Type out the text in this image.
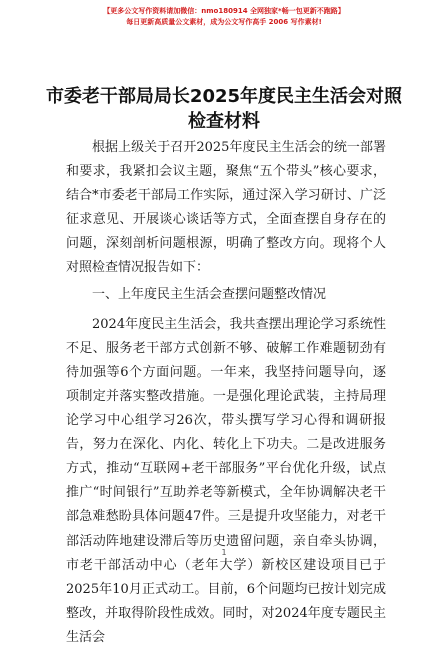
【更多公文写作资料请加微信：nmo180914 全网独家*畅一包更新不跑路】
每日更新高质量公文素材，成为公文写作高手 2006 写作素材!
市委老干部局局长2025年度民主生活会对照检查材料

根据上级关于召开2025年度民主生活会的统一部署和要求，我紧扣会议主题，聚焦“五个带头”核心要求，结合*市委老干部局工作实际，通过深入学习研讨、广泛征求意见、开展谈心谈话等方式，全面查摆自身存在的问题，深刻剖析问题根源，明确了整改方向。现将个人对照检查情况报告如下：

一、上年度民主生活会查摆问题整改情况

2024年度民主生活会，我共查摆出理论学习系统性不足、服务老干部方式创新不够、破解工作难题韧劲有待加强等6个方面问题。一年来，我坚持问题导向，逐项制定并落实整改措施。一是强化理论武装，主持局理论学习中心组学习26次，带头撰写学习心得和调研报告，努力在深化、内化、转化上下功夫。二是改进服务方式，推动“互联网+老干部服务”平台优化升级，试点推广“时间银行”互助养老等新模式，全年协调解决老干部急难愁盼具体问题47件。三是提升攻坚能力，对老干部活动阵地建设滞后等历史遗留问题，亲自牵头协调，市老干部活动中心（老年大学）新校区建设项目已于2025年10月正式动工。目前，6个问题均已按计划完成整改，并取得阶段性成效。同时，对2024年度专题民主生活会

1
